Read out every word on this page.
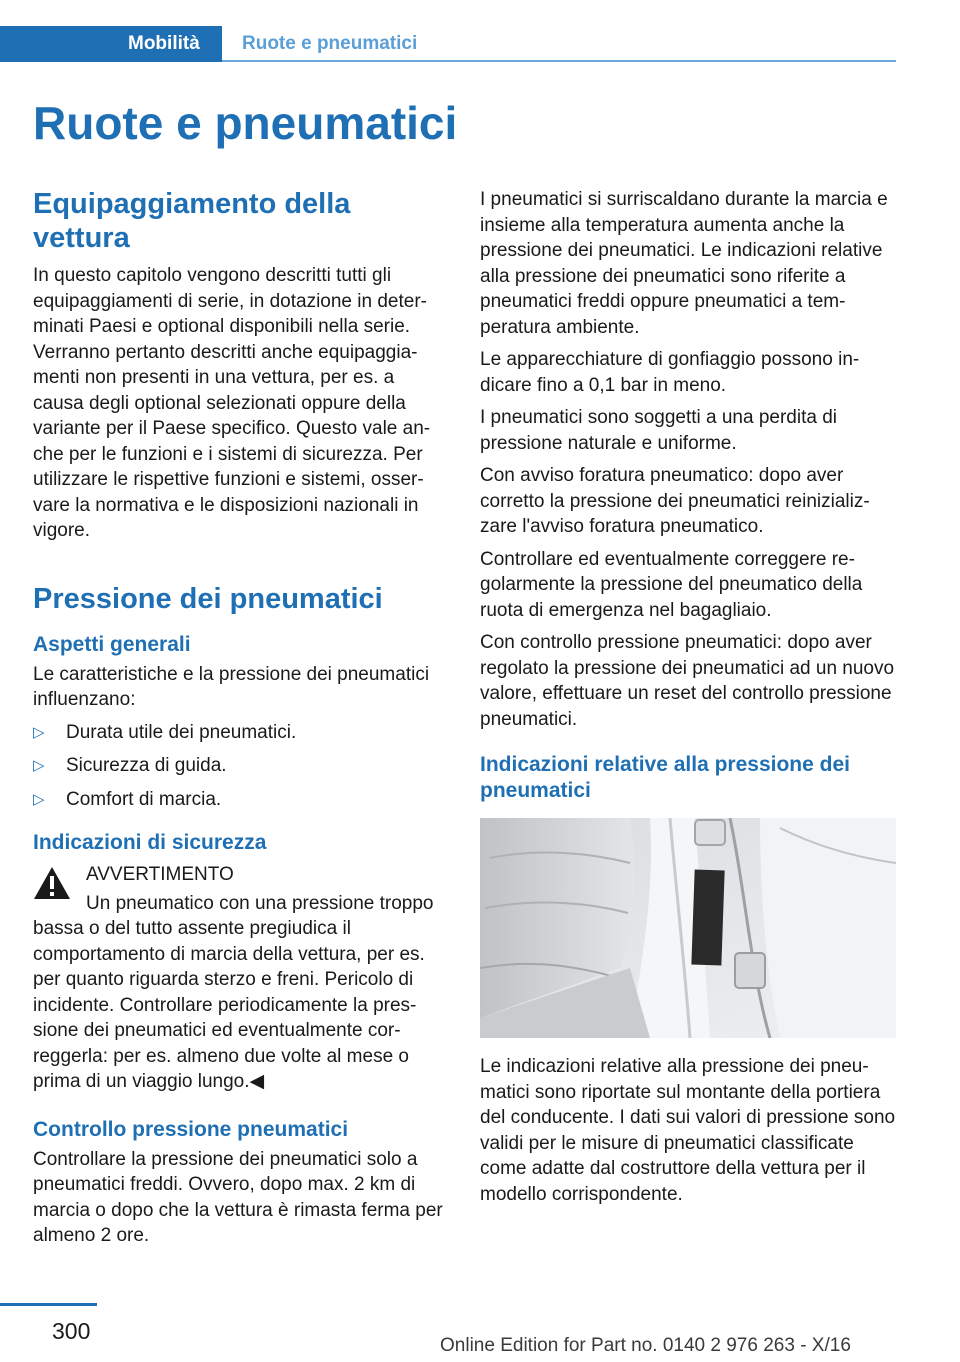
Mobilità Ruote e pneumatici
Ruote e pneumatici
Equipaggiamento della vettura

In questo capitolo vengono descritti tutti gli equipaggiamenti di serie, in dotazione in determinati Paesi e optional disponibili nella serie. Verranno pertanto descritti anche equipaggiamenti non presenti in una vettura, per es. a causa degli optional selezionati oppure della variante per il Paese specifico. Questo vale anche per le funzioni e i sistemi di sicurezza. Per utilizzare le rispettive funzioni e sistemi, osservare la normativa e le disposizioni nazionali in vigore.

Pressione dei pneumatici
Aspetti generali

Le caratteristiche e la pressione dei pneumatici influenzano:

▷ Durata utile dei pneumatici.
▷ Sicurezza di guida.
▷ Comfort di marcia.
Indicazioni di sicurezza
AVVERTIMENTO

Un pneumatico con una pressione troppo bassa o del tutto assente pregiudica il comportamento di marcia della vettura, per es. per quanto riguarda sterzo e freni. Pericolo di incidente. Controllare periodicamente la pressione dei pneumatici ed eventualmente correggerla: per es. almeno due volte al mese o prima di un viaggio lungo.◀

Controllo pressione pneumatici

Controllare la pressione dei pneumatici solo a pneumatici freddi. Ovvero, dopo max. 2 km di marcia o dopo che la vettura è rimasta ferma per almeno 2 ore.

I pneumatici si surriscaldano durante la marcia e insieme alla temperatura aumenta anche la pressione dei pneumatici. Le indicazioni relative alla pressione dei pneumatici sono riferite a pneumatici freddi oppure pneumatici a temperatura ambiente.

Le apparecchiature di gonfiaggio possono indicare fino a 0,1 bar in meno.

I pneumatici sono soggetti a una perdita di pressione naturale e uniforme.

Con avviso foratura pneumatico: dopo aver corretto la pressione dei pneumatici reinizializzare l'avviso foratura pneumatico.

Controllare ed eventualmente correggere regolarmente la pressione del pneumatico della ruota di emergenza nel bagagliaio.

Con controllo pressione pneumatici: dopo aver regolato la pressione dei pneumatici ad un nuovo valore, effettuare un reset del controllo pressione pneumatici.

Indicazioni relative alla pressione dei pneumatici

Le indicazioni relative alla pressione dei pneumatici sono riportate sul montante della portiera del conducente. I dati sui valori di pressione sono validi per le misure di pneumatici classificate come adatte dal costruttore della vettura per il modello corrispondente.

300
Online Edition for Part no. 0140 2 976 263 - X/16
